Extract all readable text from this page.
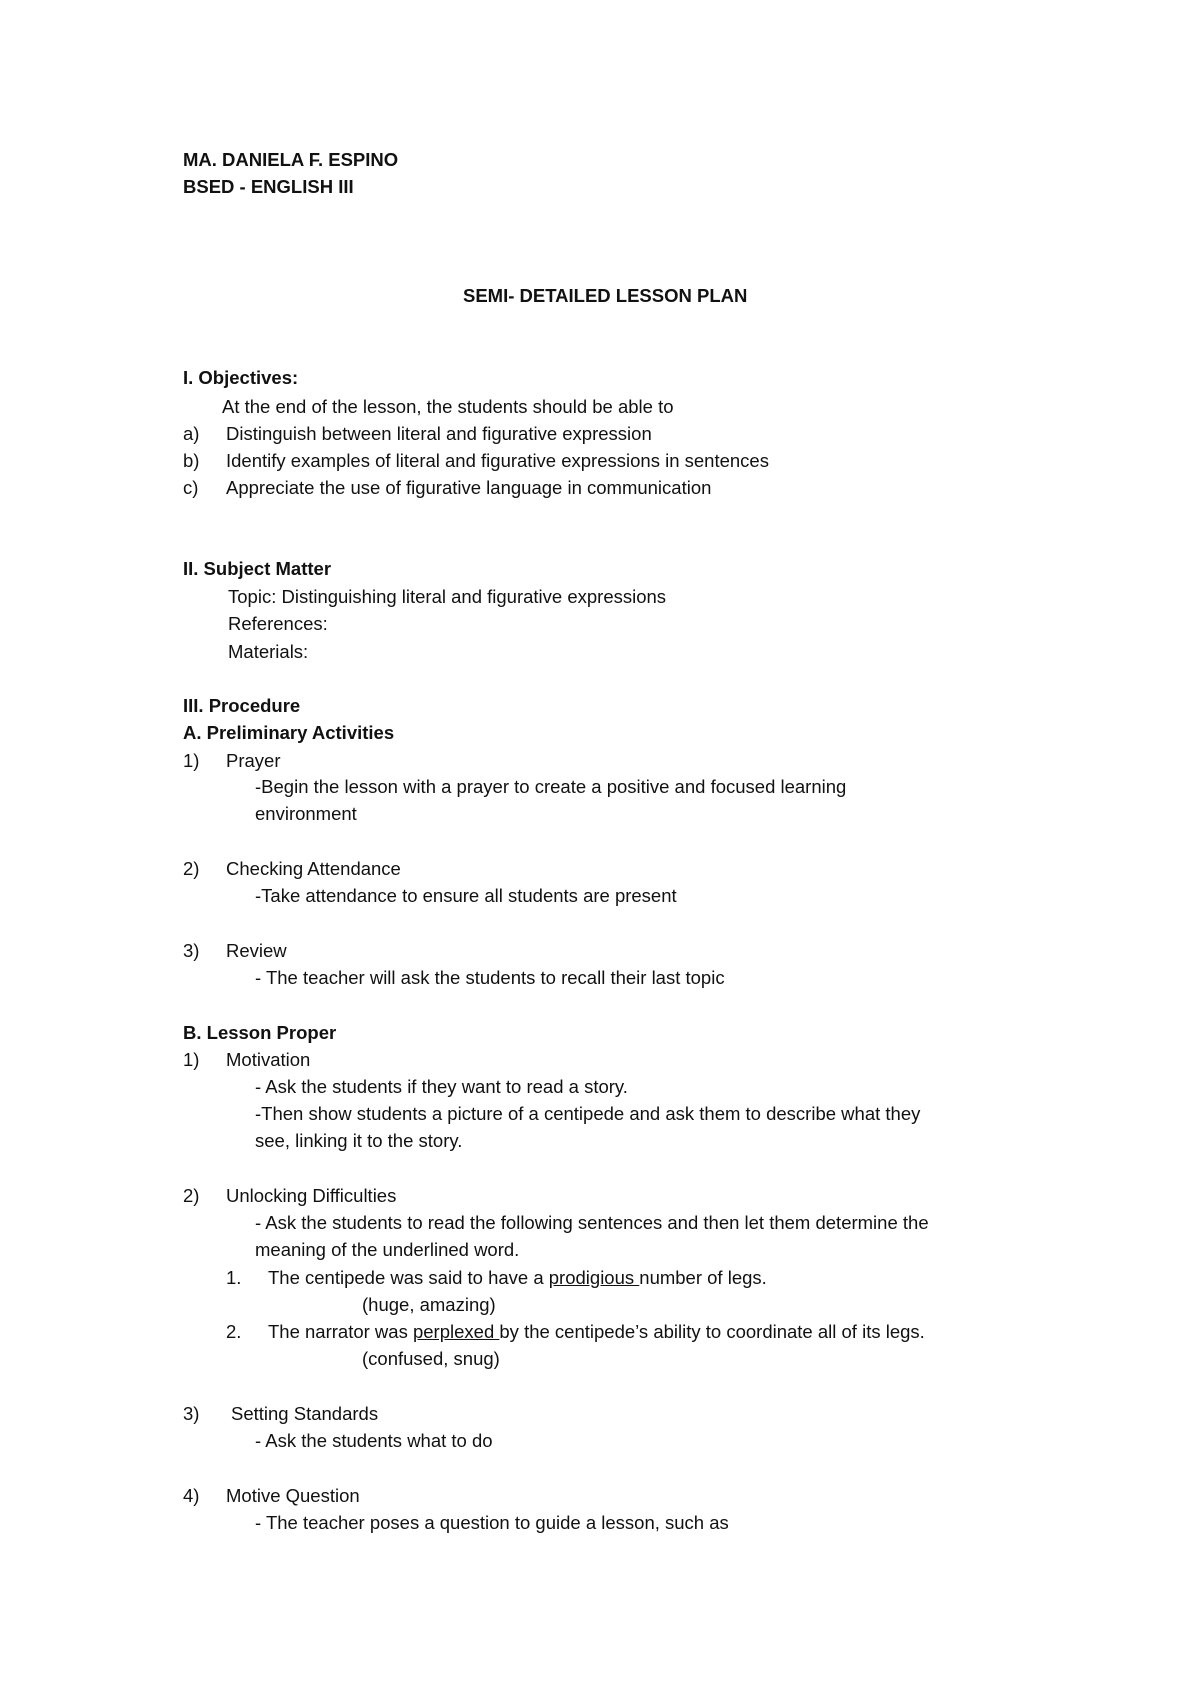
MA. DANIELA F. ESPINO
BSED - ENGLISH III
SEMI- DETAILED LESSON PLAN
I. Objectives:
At the end of the lesson, the students should be able to
a) Distinguish between literal and figurative expression
b) Identify examples of literal and figurative expressions in sentences
c) Appreciate the use of figurative language in communication
II. Subject Matter
Topic: Distinguishing literal and figurative expressions
References:
Materials:
III. Procedure
A. Preliminary Activities
1) Prayer
-Begin the lesson with a prayer to create a positive and focused learning
environment
2) Checking Attendance
-Take attendance to ensure all students are present
3) Review
- The teacher will ask the students to recall their last topic
B. Lesson Proper
1) Motivation
- Ask the students if they want to read a story.
-Then show students a picture of a centipede and ask them to describe what they
see, linking it to the story.
2) Unlocking Difficulties
- Ask the students to read the following sentences and then let them determine the
meaning of the underlined word.
1. The centipede was said to have a prodigious number of legs.
(huge, amazing)
2. The narrator was perplexed by the centipede’s ability to coordinate all of its legs.
(confused, snug)
3) Setting Standards
- Ask the students what to do
4) Motive Question
- The teacher poses a question to guide a lesson, such as
